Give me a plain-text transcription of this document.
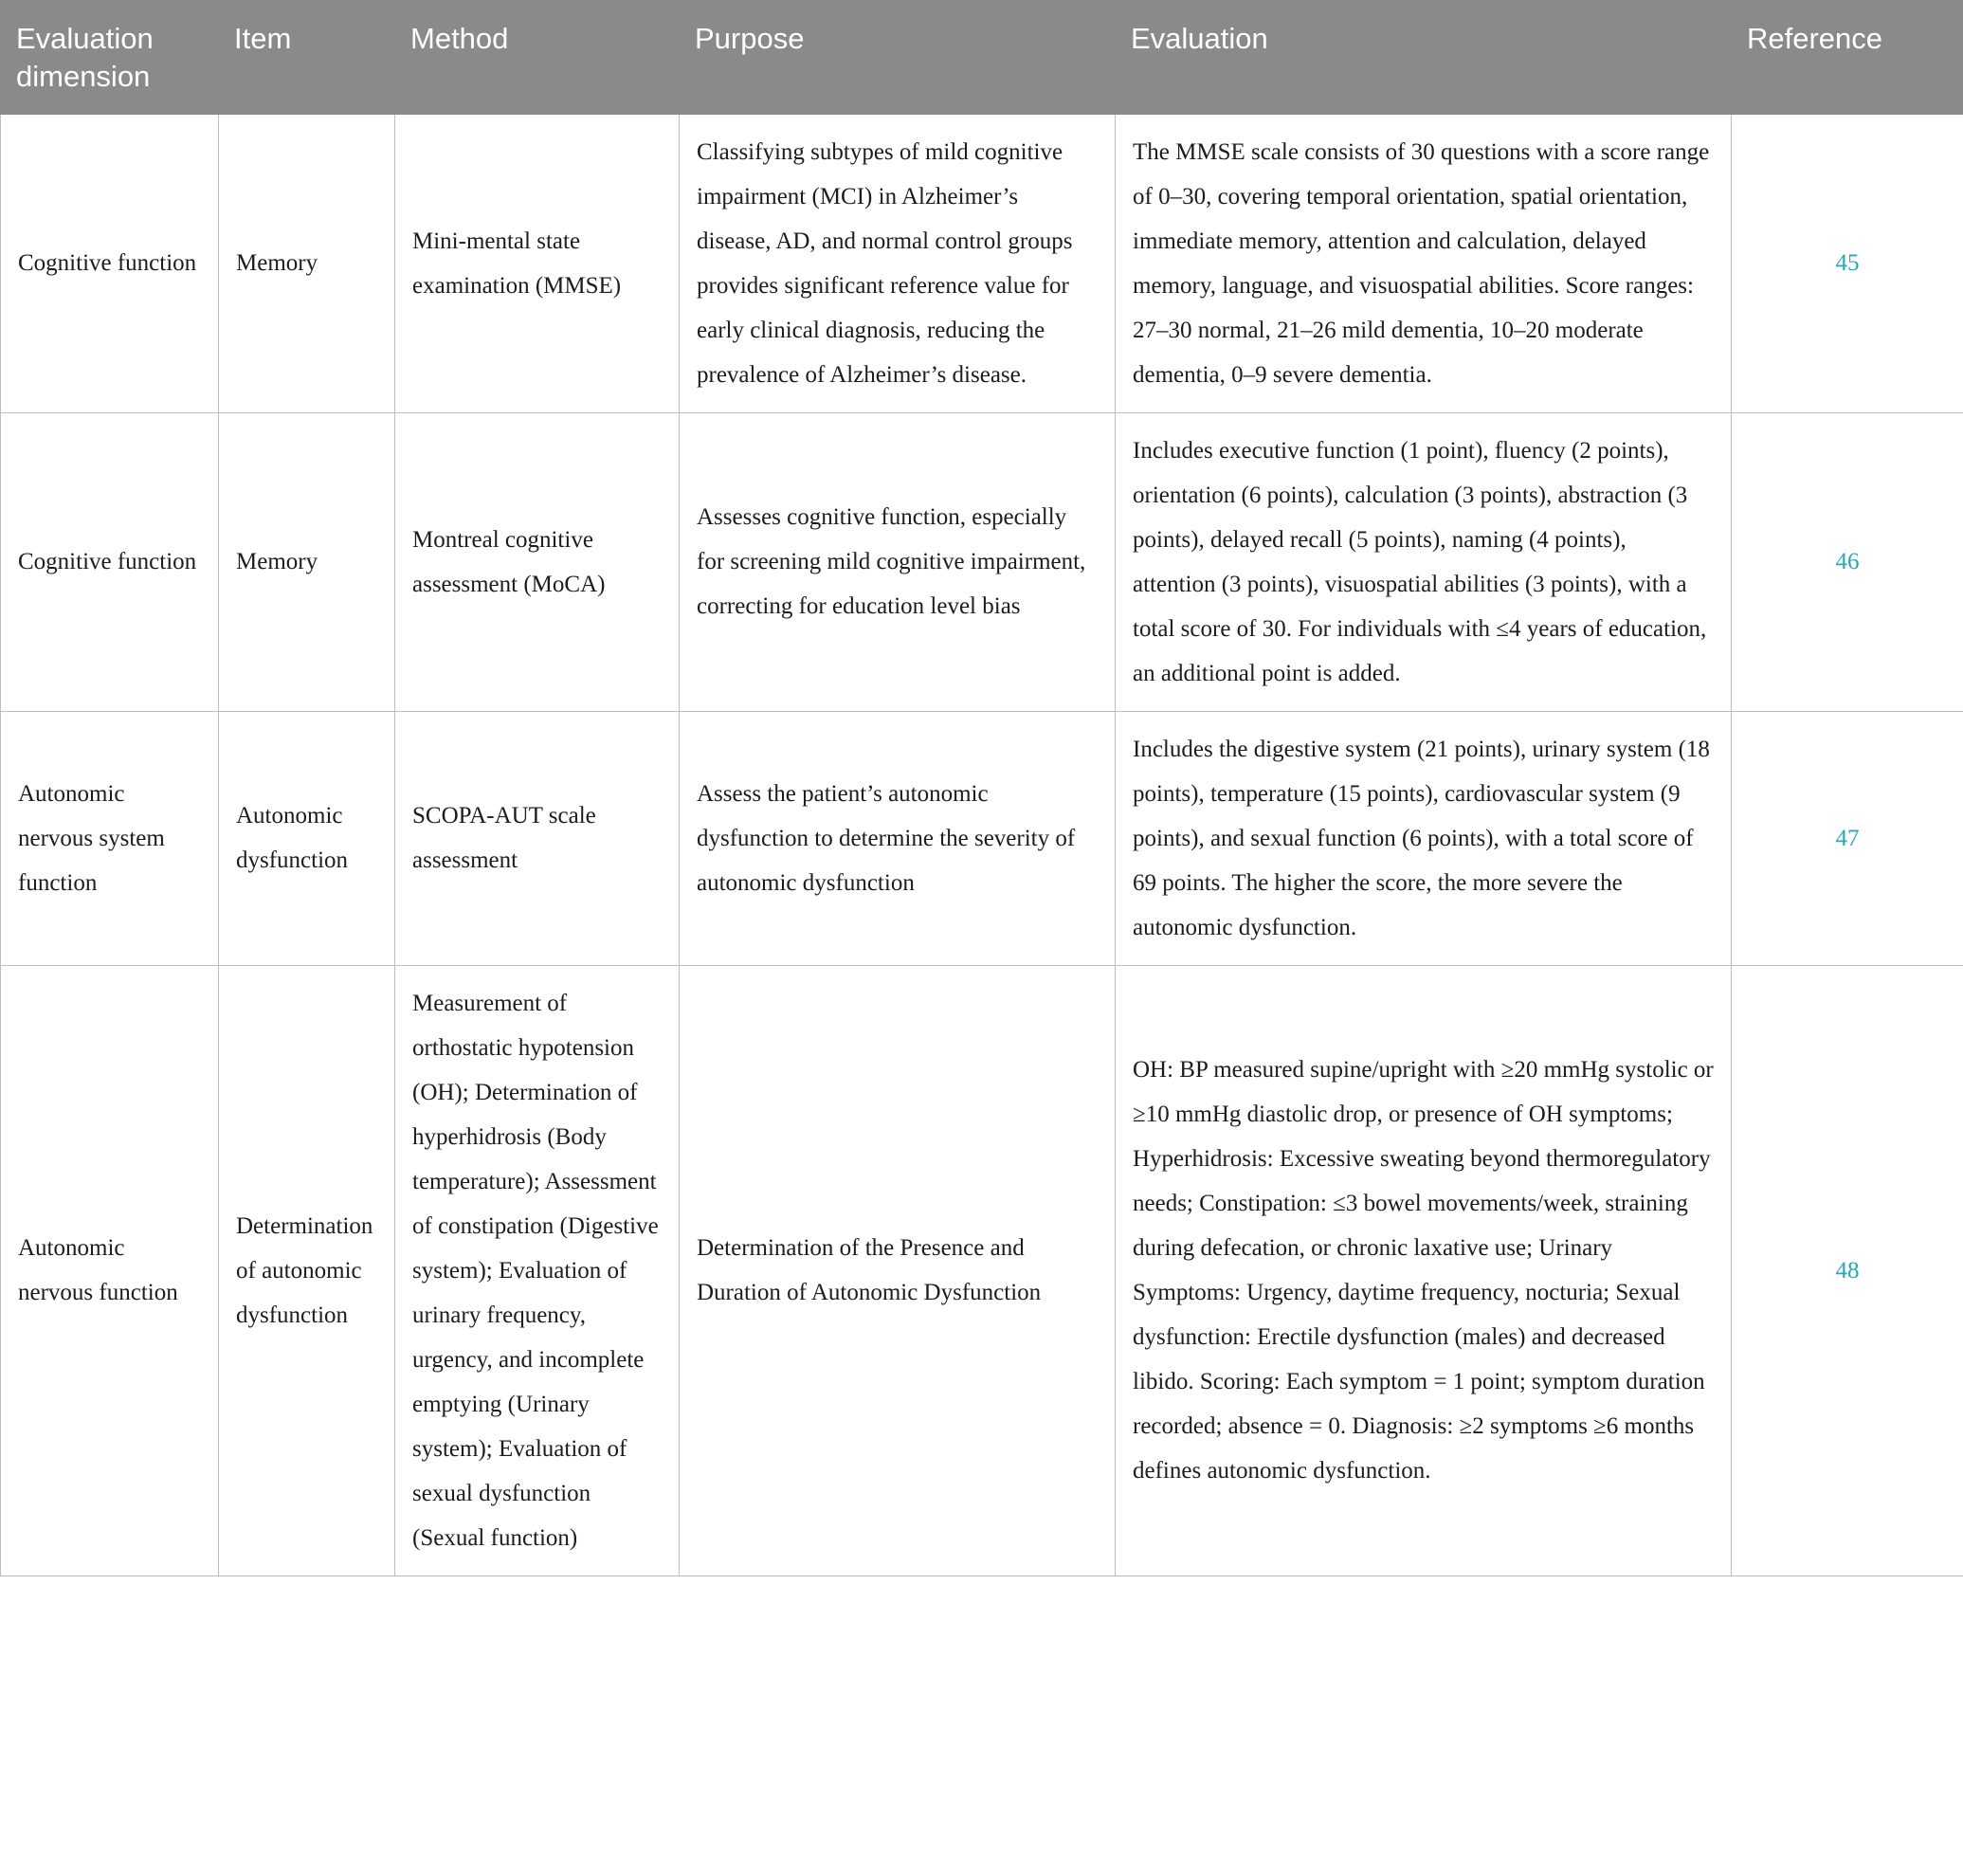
Evaluation dimension	Item	Method	Purpose	Evaluation	Reference
Cognitive function	Memory	Mini-mental state examination (MMSE)	Classifying subtypes of mild cognitive impairment (MCI) in Alzheimer’s disease, AD, and normal control groups provides significant reference value for early clinical diagnosis, reducing the prevalence of Alzheimer’s disease.	The MMSE scale consists of 30 questions with a score range of 0–30, covering temporal orientation, spatial orientation, immediate memory, attention and calculation, delayed memory, language, and visuospatial abilities. Score ranges: 27–30 normal, 21–26 mild dementia, 10–20 moderate dementia, 0–9 severe dementia.	45
Cognitive function	Memory	Montreal cognitive assessment (MoCA)	Assesses cognitive function, especially for screening mild cognitive impairment, correcting for education level bias	Includes executive function (1 point), fluency (2 points), orientation (6 points), calculation (3 points), abstraction (3 points), delayed recall (5 points), naming (4 points), attention (3 points), visuospatial abilities (3 points), with a total score of 30. For individuals with ≤4 years of education, an additional point is added.	46
Autonomic nervous system function	Autonomic dysfunction	SCOPA-AUT scale assessment	Assess the patient’s autonomic dysfunction to determine the severity of autonomic dysfunction	Includes the digestive system (21 points), urinary system (18 points), temperature (15 points), cardiovascular system (9 points), and sexual function (6 points), with a total score of 69 points. The higher the score, the more severe the autonomic dysfunction.	47
Autonomic nervous function	Determination of autonomic dysfunction	Measurement of orthostatic hypotension (OH); Determination of hyperhidrosis (Body temperature); Assessment of constipation (Digestive system); Evaluation of urinary frequency, urgency, and incomplete emptying (Urinary system); Evaluation of sexual dysfunction (Sexual function)	Determination of the Presence and Duration of Autonomic Dysfunction	OH: BP measured supine/upright with ≥20 mmHg systolic or ≥10 mmHg diastolic drop, or presence of OH symptoms; Hyperhidrosis: Excessive sweating beyond thermoregulatory needs; Constipation: ≤3 bowel movements/week, straining during defecation, or chronic laxative use; Urinary Symptoms: Urgency, daytime frequency, nocturia; Sexual dysfunction: Erectile dysfunction (males) and decreased libido. Scoring: Each symptom = 1 point; symptom duration recorded; absence = 0. Diagnosis: ≥2 symptoms ≥6 months defines autonomic dysfunction.	48
